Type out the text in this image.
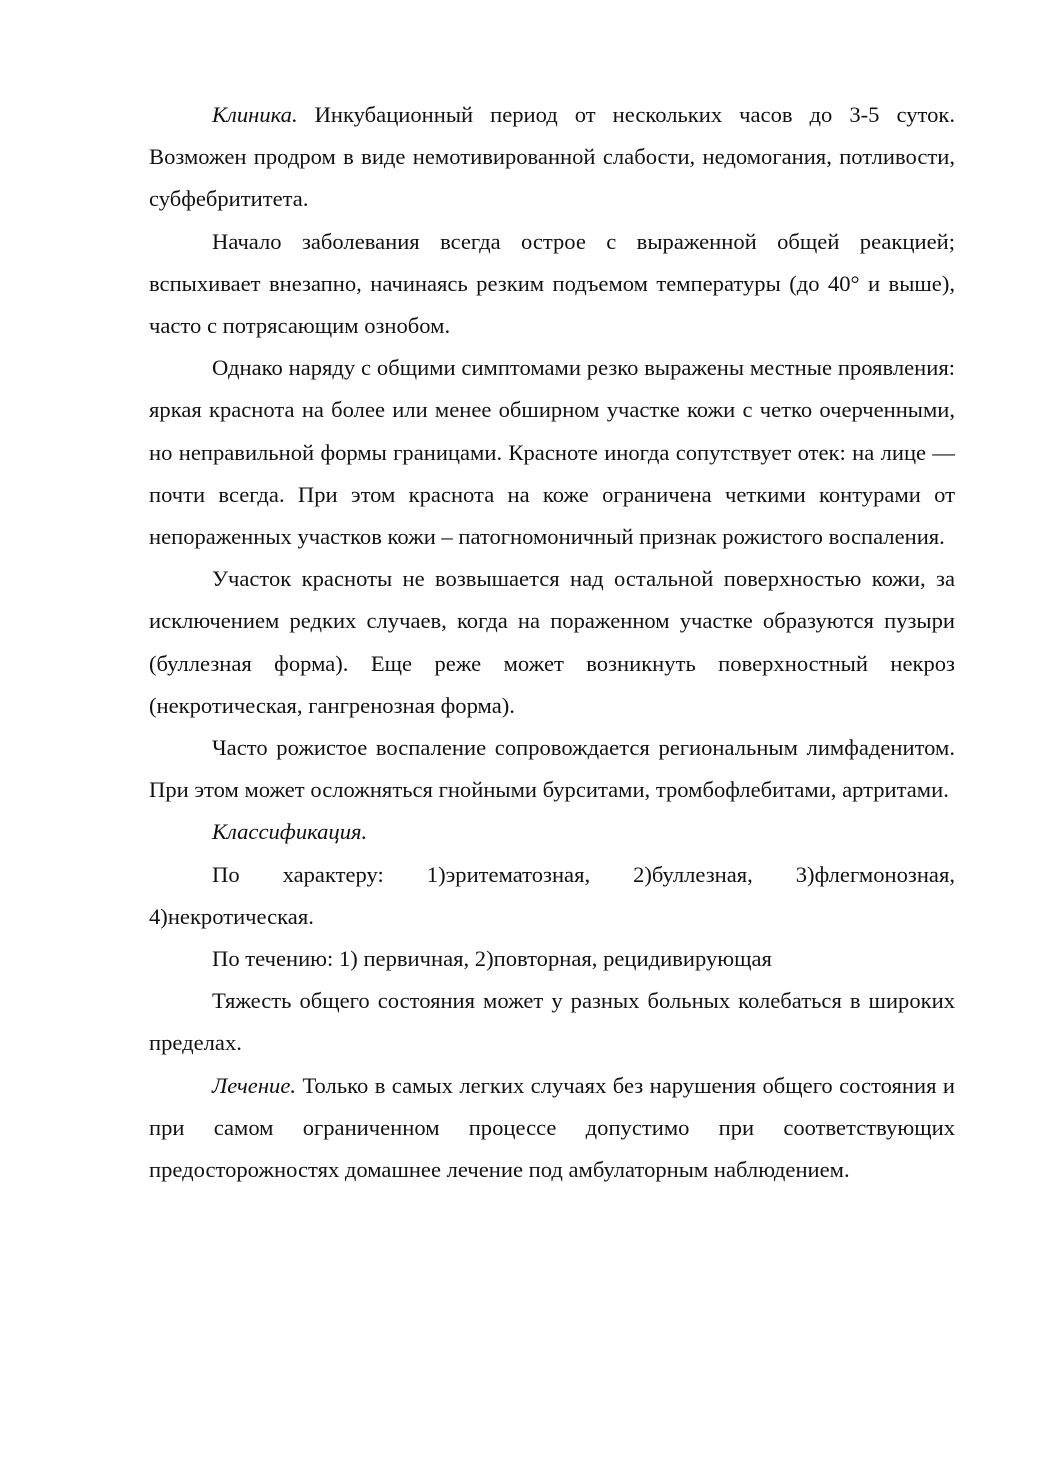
Клиника. Инкубационный период от нескольких часов до 3-5 суток. Возможен продром в виде немотивированной слабости, недомогания, потливости, субфебрититета.

Начало заболевания всегда острое с выраженной общей реакцией; вспыхивает внезапно, начинаясь резким подъемом температуры (до 40° и выше), часто с потрясающим ознобом.

Однако наряду с общими симптомами резко выражены местные проявления: яркая краснота на более или менее обширном участке кожи с четко очерченными, но неправильной формы границами. Красноте иногда сопутствует отек: на лице — почти всегда. При этом краснота на коже ограничена четкими контурами от непораженных участков кожи – патогномоничный признак рожистого воспаления.

Участок красноты не возвышается над остальной поверхностью кожи, за исключением редких случаев, когда на пораженном участке образуются пузыри (буллезная форма). Еще реже может возникнуть поверхностный некроз (некротическая, гангренозная форма).

Часто рожистое воспаление сопровождается региональным лимфаденитом. При этом может осложняться гнойными бурситами, тромбофлебитами, артритами.

Классификация.

По характеру: 1)эритематозная, 2)буллезная, 3)флегмонозная, 4)некротическая.

По течению: 1) первичная, 2)повторная, рецидивирующая

Тяжесть общего состояния может у разных больных колебаться в широких пределах.

Лечение. Только в самых легких случаях без нарушения общего состояния и при самом ограниченном процессе допустимо при соответствующих предосторожностях домашнее лечение под амбулаторным наблюдением.
